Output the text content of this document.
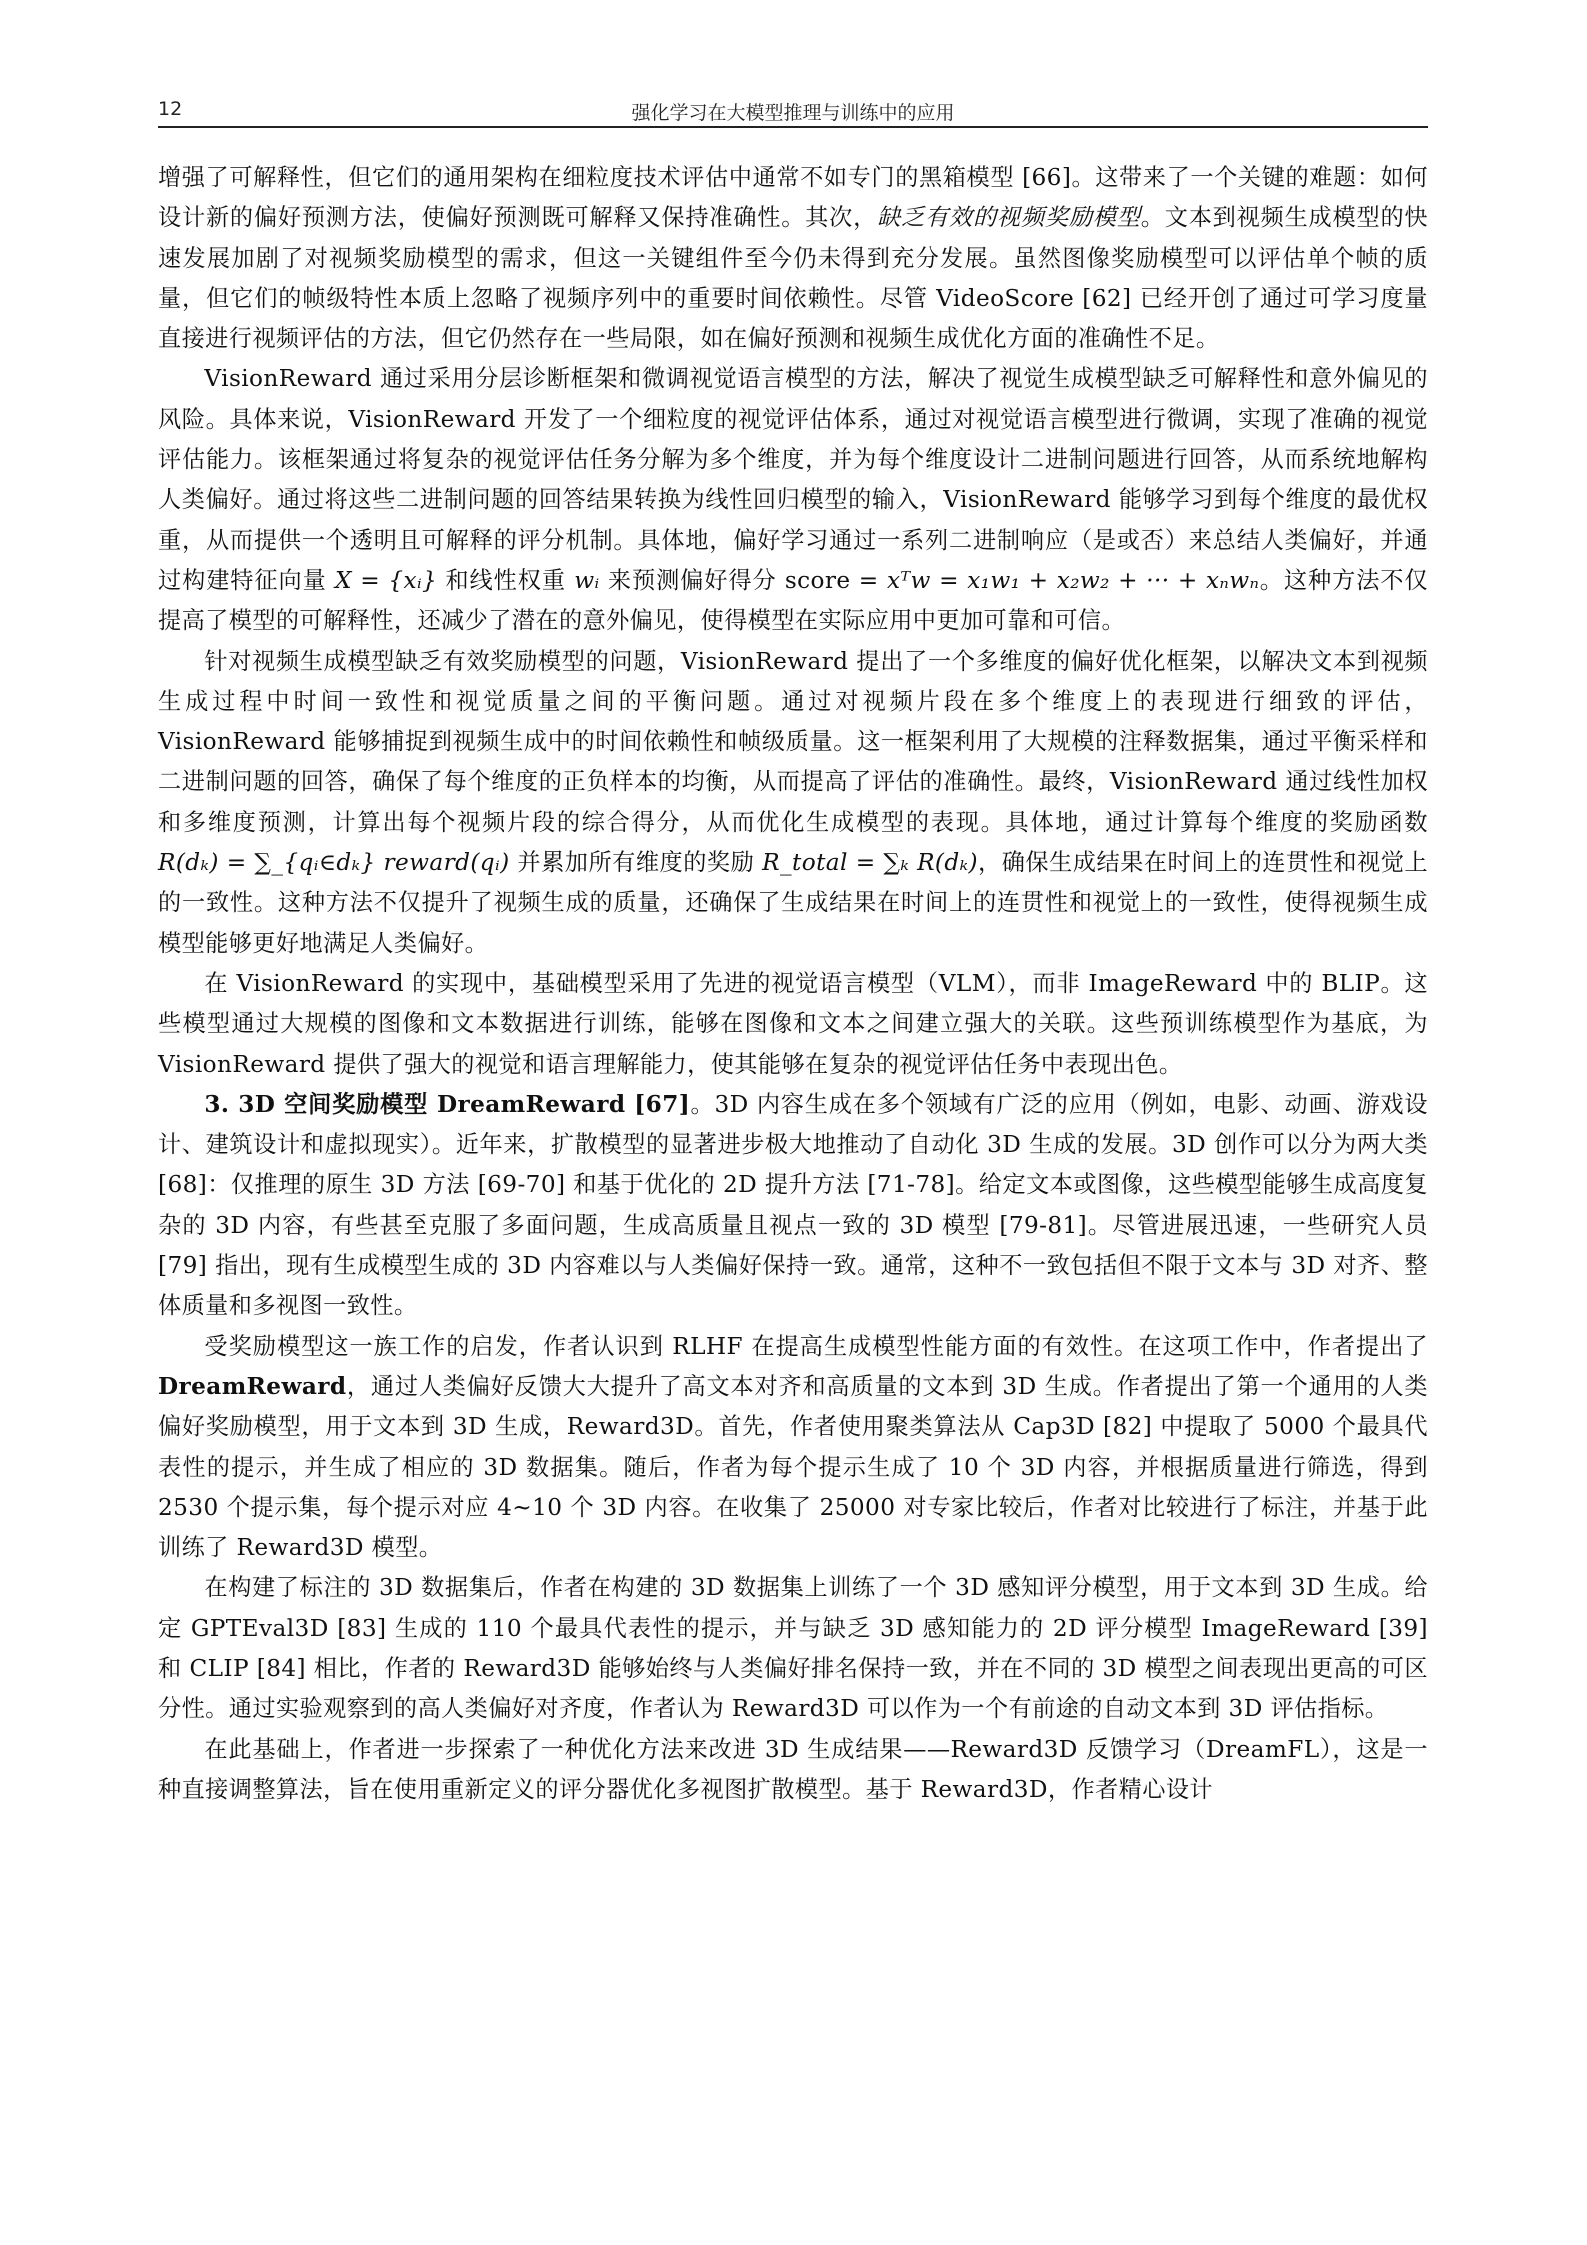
12	强化学习在大模型推理与训练中的应用

增强了可解释性，但它们的通用架构在细粒度技术评估中通常不如专门的黑箱模型 [66]。这带来了一个关键的难题：如何设计新的偏好预测方法，使偏好预测既可解释又保持准确性。其次，缺乏有效的视频奖励模型。文本到视频生成模型的快速发展加剧了对视频奖励模型的需求，但这一关键组件至今仍未得到充分发展。虽然图像奖励模型可以评估单个帧的质量，但它们的帧级特性本质上忽略了视频序列中的重要时间依赖性。尽管 VideoScore [62] 已经开创了通过可学习度量直接进行视频评估的方法，但它仍然存在一些局限，如在偏好预测和视频生成优化方面的准确性不足。

VisionReward 通过采用分层诊断框架和微调视觉语言模型的方法，解决了视觉生成模型缺乏可解释性和意外偏见的风险。具体来说，VisionReward 开发了一个细粒度的视觉评估体系，通过对视觉语言模型进行微调，实现了准确的视觉评估能力。该框架通过将复杂的视觉评估任务分解为多个维度，并为每个维度设计二进制问题进行回答，从而系统地解构人类偏好。通过将这些二进制问题的回答结果转换为线性回归模型的输入，VisionReward 能够学习到每个维度的最优权重，从而提供一个透明且可解释的评分机制。具体地，偏好学习通过一系列二进制响应（是或否）来总结人类偏好，并通过构建特征向量 X = {xᵢ} 和线性权重 wᵢ 来预测偏好得分 score = xᵀw = x₁w₁ + x₂w₂ + ··· + xₙwₙ。这种方法不仅提高了模型的可解释性，还减少了潜在的意外偏见，使得模型在实际应用中更加可靠和可信。

针对视频生成模型缺乏有效奖励模型的问题，VisionReward 提出了一个多维度的偏好优化框架，以解决文本到视频生成过程中时间一致性和视觉质量之间的平衡问题。通过对视频片段在多个维度上的表现进行细致的评估，VisionReward 能够捕捉到视频生成中的时间依赖性和帧级质量。这一框架利用了大规模的注释数据集，通过平衡采样和二进制问题的回答，确保了每个维度的正负样本的均衡，从而提高了评估的准确性。最终，VisionReward 通过线性加权和多维度预测，计算出每个视频片段的综合得分，从而优化生成模型的表现。具体地，通过计算每个维度的奖励函数 R(dₖ) = ∑_{qᵢ∈dₖ} reward(qᵢ) 并累加所有维度的奖励 R_total = ∑ₖ R(dₖ)，确保生成结果在时间上的连贯性和视觉上的一致性。这种方法不仅提升了视频生成的质量，还确保了生成结果在时间上的连贯性和视觉上的一致性，使得视频生成模型能够更好地满足人类偏好。

在 VisionReward 的实现中，基础模型采用了先进的视觉语言模型（VLM），而非 ImageReward 中的 BLIP。这些模型通过大规模的图像和文本数据进行训练，能够在图像和文本之间建立强大的关联。这些预训练模型作为基底，为 VisionReward 提供了强大的视觉和语言理解能力，使其能够在复杂的视觉评估任务中表现出色。

3. 3D 空间奖励模型 DreamReward [67]。3D 内容生成在多个领域有广泛的应用（例如，电影、动画、游戏设计、建筑设计和虚拟现实）。近年来，扩散模型的显著进步极大地推动了自动化 3D 生成的发展。3D 创作可以分为两大类 [68]：仅推理的原生 3D 方法 [69-70] 和基于优化的 2D 提升方法 [71-78]。给定文本或图像，这些模型能够生成高度复杂的 3D 内容，有些甚至克服了多面问题，生成高质量且视点一致的 3D 模型 [79-81]。尽管进展迅速，一些研究人员 [79] 指出，现有生成模型生成的 3D 内容难以与人类偏好保持一致。通常，这种不一致包括但不限于文本与 3D 对齐、整体质量和多视图一致性。

受奖励模型这一族工作的启发，作者认识到 RLHF 在提高生成模型性能方面的有效性。在这项工作中，作者提出了 DreamReward，通过人类偏好反馈大大提升了高文本对齐和高质量的文本到 3D 生成。作者提出了第一个通用的人类偏好奖励模型，用于文本到 3D 生成，Reward3D。首先，作者使用聚类算法从 Cap3D [82] 中提取了 5000 个最具代表性的提示，并生成了相应的 3D 数据集。随后，作者为每个提示生成了 10 个 3D 内容，并根据质量进行筛选，得到 2530 个提示集，每个提示对应 4~10 个 3D 内容。在收集了 25000 对专家比较后，作者对比较进行了标注，并基于此训练了 Reward3D 模型。

在构建了标注的 3D 数据集后，作者在构建的 3D 数据集上训练了一个 3D 感知评分模型，用于文本到 3D 生成。给定 GPTEval3D [83] 生成的 110 个最具代表性的提示，并与缺乏 3D 感知能力的 2D 评分模型 ImageReward [39] 和 CLIP [84] 相比，作者的 Reward3D 能够始终与人类偏好排名保持一致，并在不同的 3D 模型之间表现出更高的可区分性。通过实验观察到的高人类偏好对齐度，作者认为 Reward3D 可以作为一个有前途的自动文本到 3D 评估指标。

在此基础上，作者进一步探索了一种优化方法来改进 3D 生成结果——Reward3D 反馈学习（DreamFL），这是一种直接调整算法，旨在使用重新定义的评分器优化多视图扩散模型。基于 Reward3D，作者精心设计
